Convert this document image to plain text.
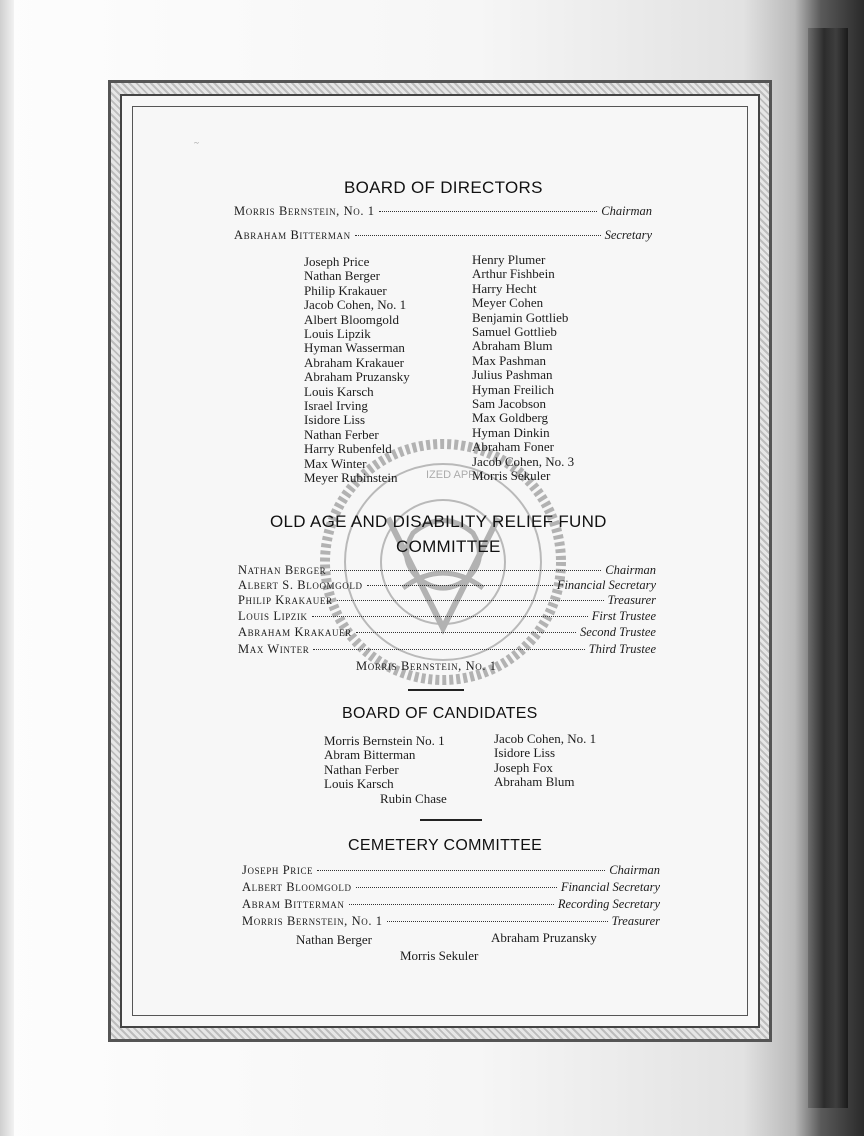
IZED APRIL
~
BOARD OF DIRECTORS
Morris Bernstein, No. 1	Chairman
Abraham Bitterman	Secretary
Joseph Price
Nathan Berger
Philip Krakauer
Jacob Cohen, No. 1
Albert Bloomgold
Louis Lipzik
Hyman Wasserman
Abraham Krakauer
Abraham Pruzansky
Louis Karsch
Israel Irving
Isidore Liss
Nathan Ferber
Harry Rubenfeld
Max Winter
Meyer Rubinstein
Henry Plumer
Arthur Fishbein
Harry Hecht
Meyer Cohen
Benjamin Gottlieb
Samuel Gottlieb
Abraham Blum
Max Pashman
Julius Pashman
Hyman Freilich
Sam Jacobson
Max Goldberg
Hyman Dinkin
Abraham Foner
Jacob Cohen, No. 3
Morris Sekuler
OLD AGE AND DISABILITY RELIEF FUND
COMMITTEE
Nathan Berger	Chairman
Albert S. Bloomgold	Financial Secretary
Philip Krakauer	Treasurer
Louis Lipzik	First Trustee
Abraham Krakauer	Second Trustee
Max Winter	Third Trustee
Morris Bernstein, No. 1
BOARD OF CANDIDATES
Morris Bernstein No. 1
Abram Bitterman
Nathan Ferber
Louis Karsch
Jacob Cohen, No. 1
Isidore Liss
Joseph Fox
Abraham Blum
Rubin Chase
CEMETERY COMMITTEE
Joseph Price	Chairman
Albert Bloomgold	Financial Secretary
Abram Bitterman	Recording Secretary
Morris Bernstein, No. 1	Treasurer
Nathan Berger	Abraham Pruzansky
Morris Sekuler
